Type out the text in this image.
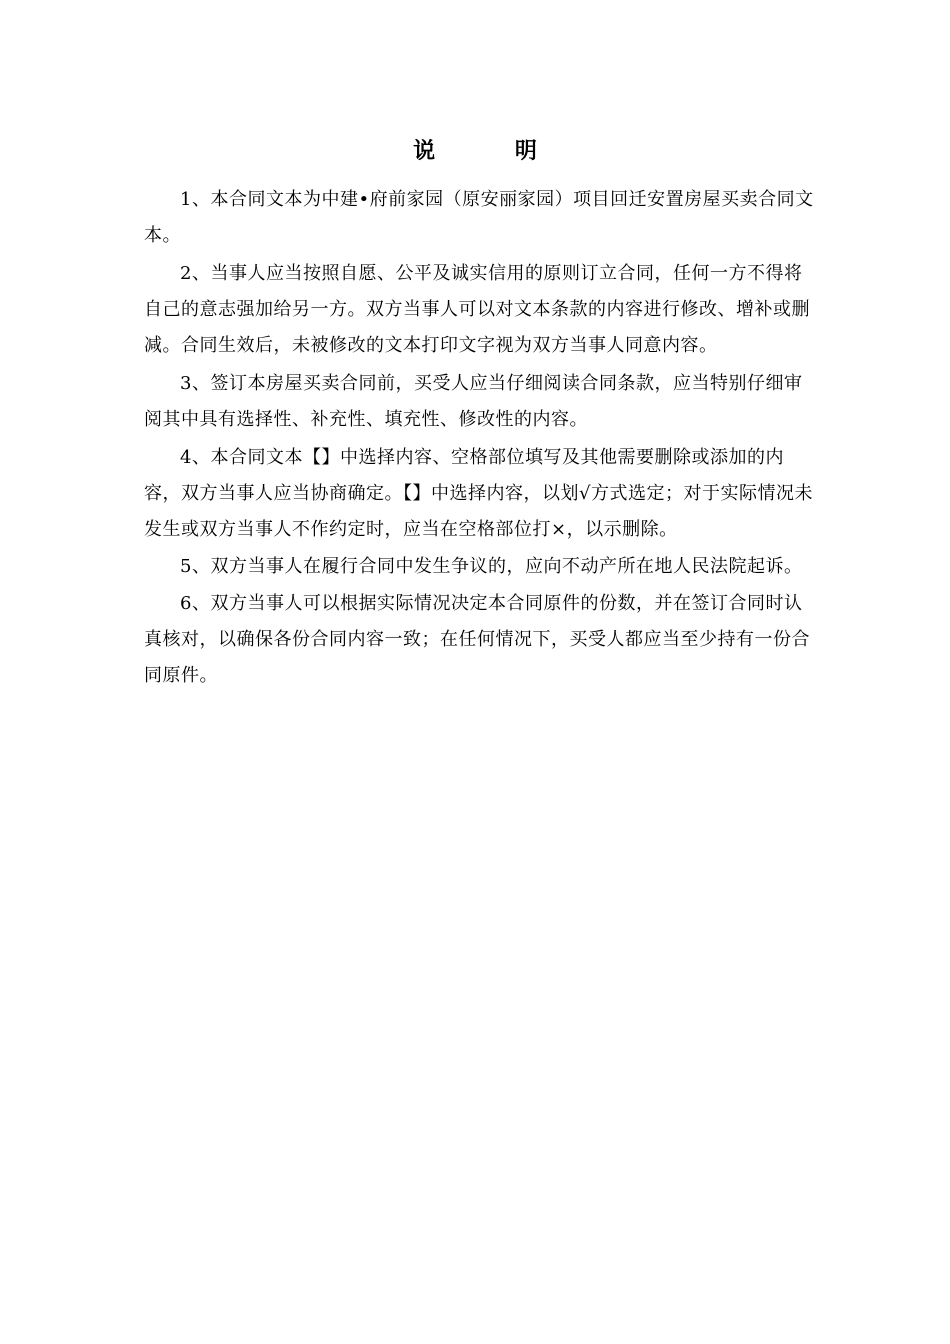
说 明
1、本合同文本为中建•府前家园（原安丽家园）项目回迁安置房屋买卖合同文本。
2、当事人应当按照自愿、公平及诚实信用的原则订立合同，任何一方不得将自己的意志强加给另一方。双方当事人可以对文本条款的内容进行修改、增补或删减。合同生效后，未被修改的文本打印文字视为双方当事人同意内容。
3、签订本房屋买卖合同前，买受人应当仔细阅读合同条款，应当特别仔细审阅其中具有选择性、补充性、填充性、修改性的内容。
4、本合同文本【】中选择内容、空格部位填写及其他需要删除或添加的内容，双方当事人应当协商确定。【】中选择内容，以划√方式选定；对于实际情况未发生或双方当事人不作约定时，应当在空格部位打×，以示删除。
5、双方当事人在履行合同中发生争议的，应向不动产所在地人民法院起诉。
6、双方当事人可以根据实际情况决定本合同原件的份数，并在签订合同时认真核对，以确保各份合同内容一致；在任何情况下，买受人都应当至少持有一份合同原件。
